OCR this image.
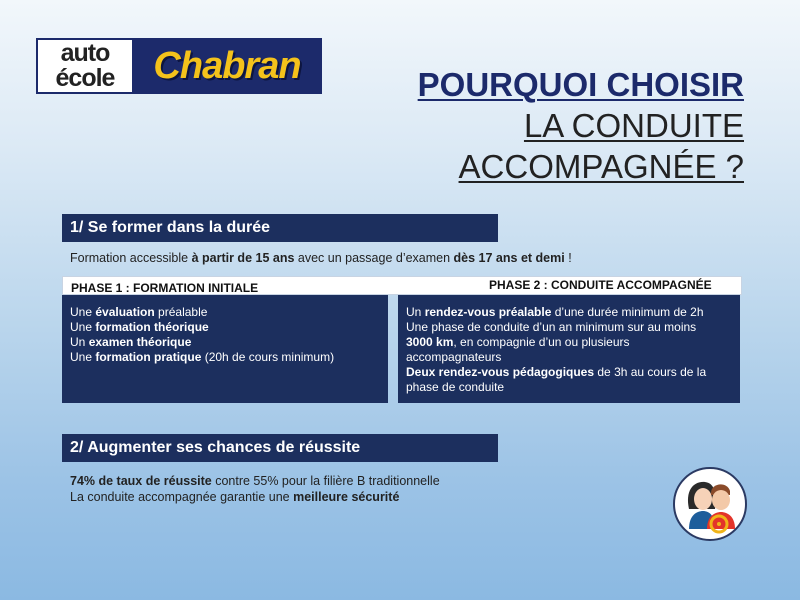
auto
école Chabran	POURQUOI CHOISIR
LA CONDUITE
ACCOMPAGNÉE ?
1/ Se former dans la durée
Formation accessible à partir de 15 ans avec un passage d’examen dès 17 ans et demi !
PHASE 1 : FORMATION INITIALE	PHASE 2 : CONDUITE ACCOMPAGNÉE
Une évaluation préalable
Une formation théorique
Un examen théorique
Une formation pratique (20h de cours minimum)
Un rendez-vous préalable d’une durée minimum de 2h
Une phase de conduite d’un an minimum sur au moins
3000 km, en compagnie d’un ou plusieurs
accompagnateurs
Deux rendez-vous pédagogiques de 3h au cours de la
phase de conduite
2/ Augmenter ses chances de réussite
74% de taux de réussite contre 55% pour la filière B traditionnelle
La conduite accompagnée garantie une meilleure sécurité
